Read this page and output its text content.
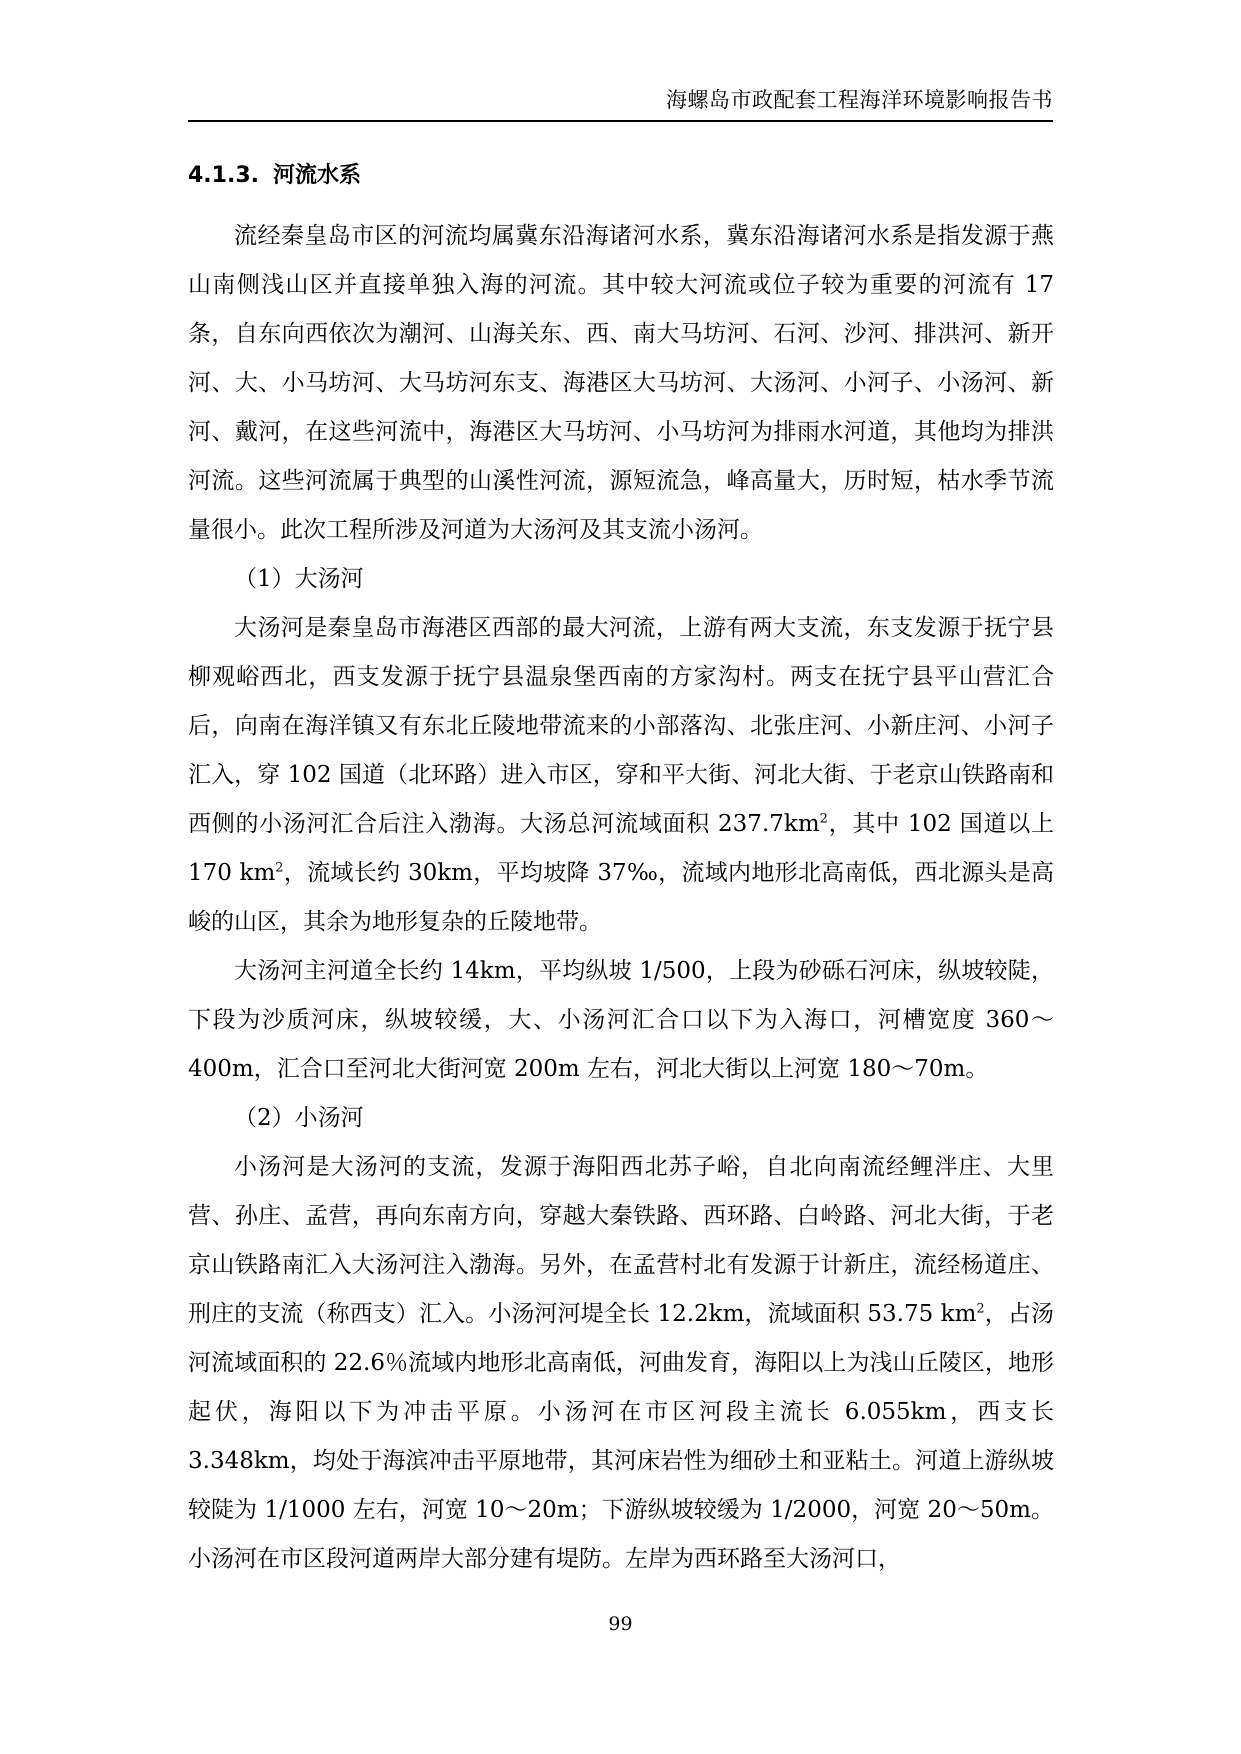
海螺岛市政配套工程海洋环境影响报告书
4.1.3. 河流水系

流经秦皇岛市区的河流均属冀东沿海诸河水系，冀东沿海诸河水系是指发源于燕山南侧浅山区并直接单独入海的河流。其中较大河流或位子较为重要的河流有 17 条，自东向西依次为潮河、山海关东、西、南大马坊河、石河、沙河、排洪河、新开河、大、小马坊河、大马坊河东支、海港区大马坊河、大汤河、小河子、小汤河、新河、戴河，在这些河流中，海港区大马坊河、小马坊河为排雨水河道，其他均为排洪河流。这些河流属于典型的山溪性河流，源短流急，峰高量大，历时短，枯水季节流量很小。此次工程所涉及河道为大汤河及其支流小汤河。

（1）大汤河

大汤河是秦皇岛市海港区西部的最大河流，上游有两大支流，东支发源于抚宁县柳观峪西北，西支发源于抚宁县温泉堡西南的方家沟村。两支在抚宁县平山营汇合后，向南在海洋镇又有东北丘陵地带流来的小部落沟、北张庄河、小新庄河、小河子汇入，穿 102 国道（北环路）进入市区，穿和平大街、河北大街、于老京山铁路南和西侧的小汤河汇合后注入渤海。大汤总河流域面积 $237.7km^2$，其中 102 国道以上 170 $km^2$，流域长约 30km，平均坡降 37‰，流域内地形北高南低，西北源头是高峻的山区，其余为地形复杂的丘陵地带。

大汤河主河道全长约 14km，平均纵坡 1/500，上段为砂砾石河床，纵坡较陡，下段为沙质河床，纵坡较缓，大、小汤河汇合口以下为入海口，河槽宽度 360～400m，汇合口至河北大街河宽 200m 左右，河北大街以上河宽 180～70m。

（2）小汤河

小汤河是大汤河的支流，发源于海阳西北苏子峪，自北向南流经鲤泮庄、大里营、孙庄、孟营，再向东南方向，穿越大秦铁路、西环路、白岭路、河北大街，于老京山铁路南汇入大汤河注入渤海。另外，在孟营村北有发源于计新庄，流经杨道庄、刑庄的支流（称西支）汇入。小汤河河堤全长 12.2km，流域面积 53.75 $km^2$，占汤河流域面积的 22.6％流域内地形北高南低，河曲发育，海阳以上为浅山丘陵区，地形起伏，海阳以下为冲击平原。小汤河在市区河段主流长 6.055km，西支长 3.348km，均处于海滨冲击平原地带，其河床岩性为细砂土和亚粘土。河道上游纵坡较陡为 1/1000 左右，河宽 10～20m；下游纵坡较缓为 1/2000，河宽 20～50m。小汤河在市区段河道两岸大部分建有堤防。左岸为西环路至大汤河口，

99
